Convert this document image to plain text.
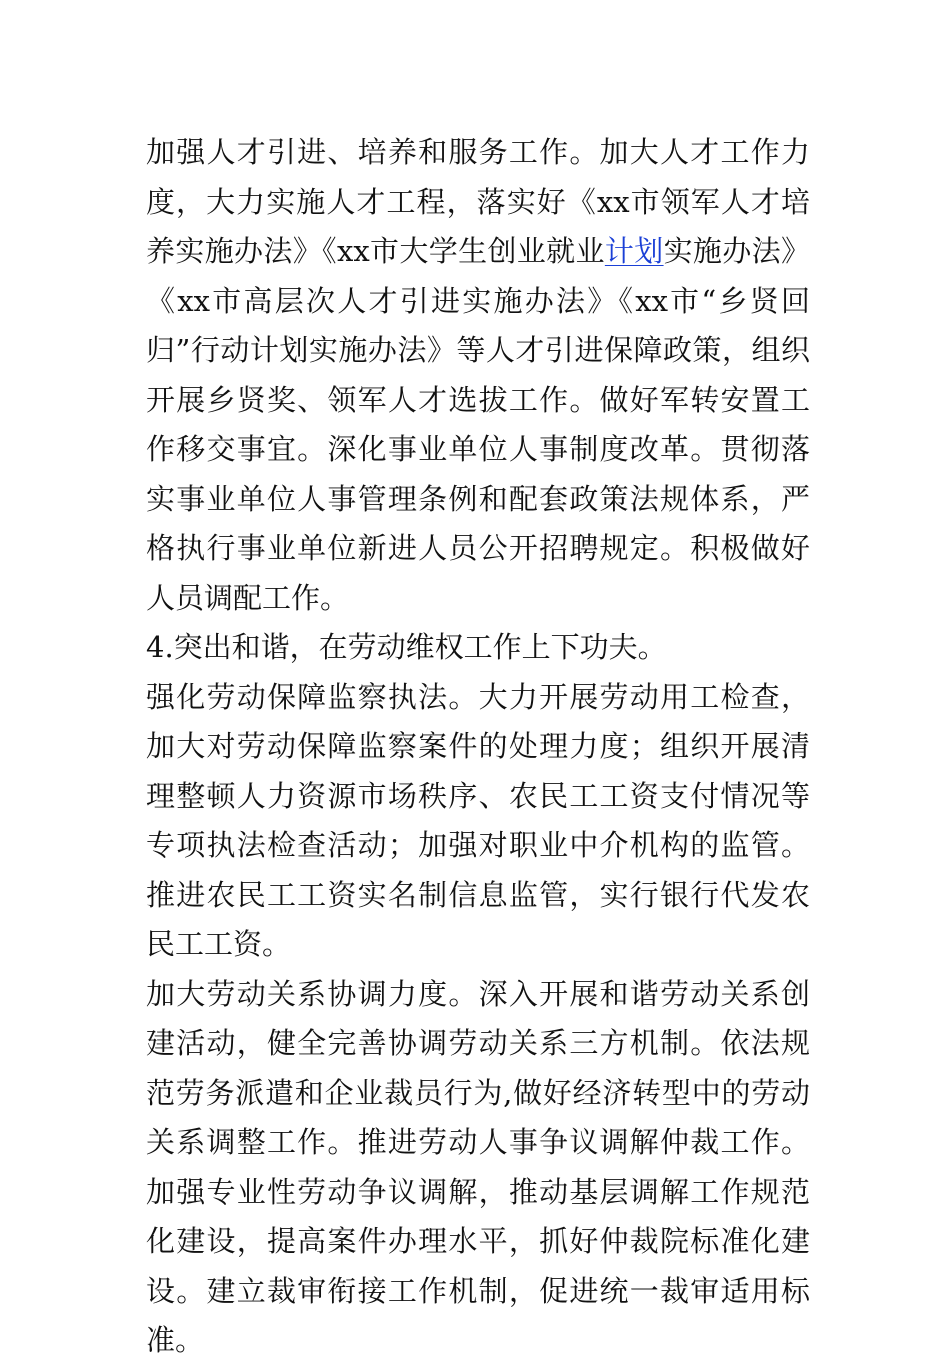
加强人才引进、培养和服务工作。加大人才工作力度，大力实施人才工程，落实好《xx市领军人才培养实施办法》《xx市大学生创业就业计划实施办法》《xx市高层次人才引进实施办法》《xx市“乡贤回归”行动计划实施办法》等人才引进保障政策，组织开展乡贤奖、领军人才选拔工作。做好军转安置工作移交事宜。深化事业单位人事制度改革。贯彻落实事业单位人事管理条例和配套政策法规体系，严格执行事业单位新进人员公开招聘规定。积极做好人员调配工作。

4.突出和谐，在劳动维权工作上下功夫。

强化劳动保障监察执法。大力开展劳动用工检查，加大对劳动保障监察案件的处理力度；组织开展清理整顿人力资源市场秩序、农民工工资支付情况等专项执法检查活动；加强对职业中介机构的监管。推进农民工工资实名制信息监管，实行银行代发农民工工资。

加大劳动关系协调力度。深入开展和谐劳动关系创建活动，健全完善协调劳动关系三方机制。依法规范劳务派遣和企业裁员行为,做好经济转型中的劳动关系调整工作。推进劳动人事争议调解仲裁工作。加强专业性劳动争议调解，推动基层调解工作规范化建设，提高案件办理水平，抓好仲裁院标准化建设。建立裁审衔接工作机制，促进统一裁审适用标准。
